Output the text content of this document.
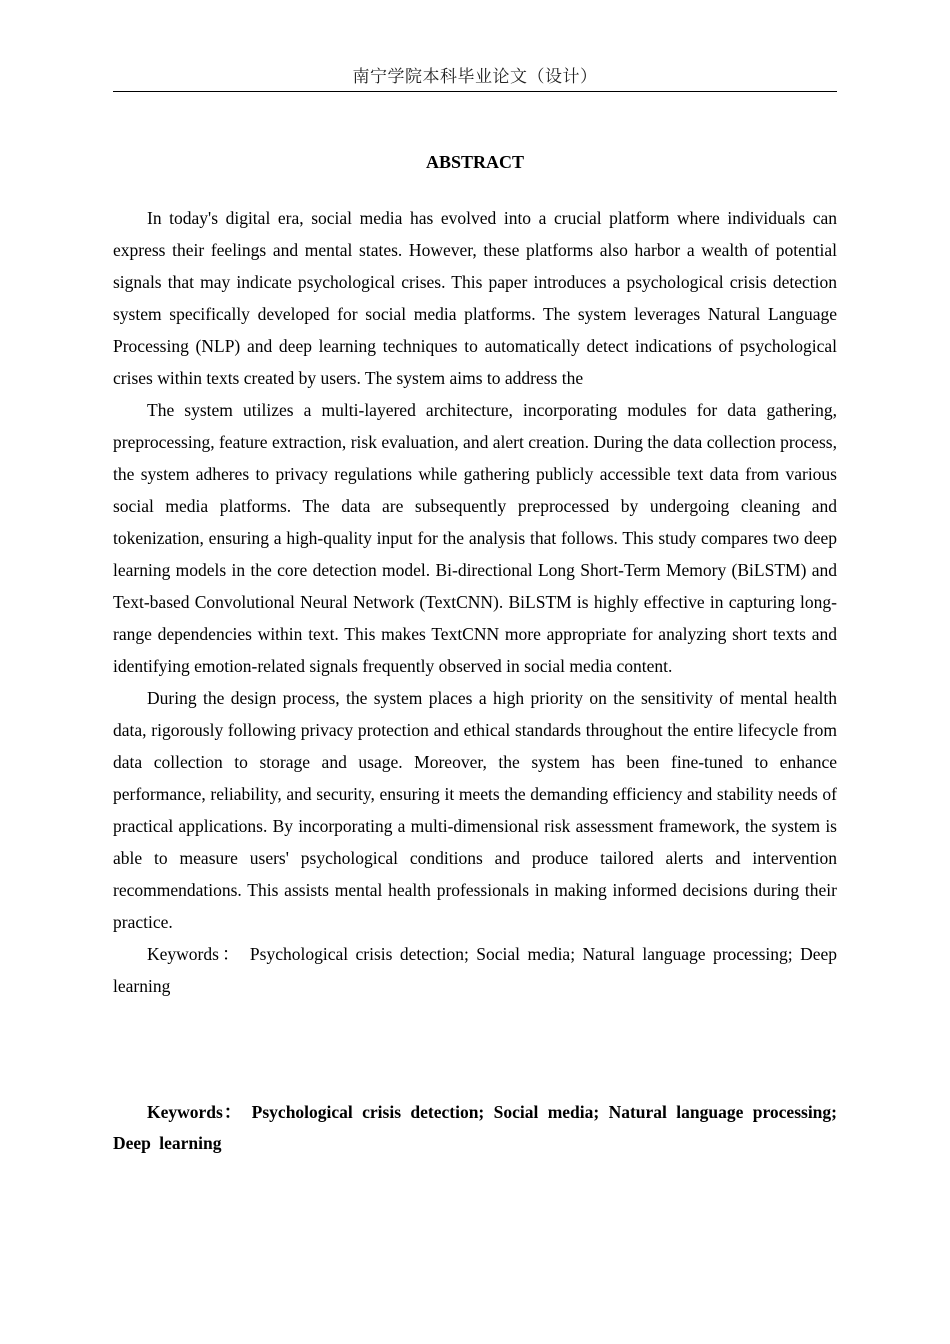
南宁学院本科毕业论文（设计）
ABSTRACT

In today's digital era, social media has evolved into a crucial platform where individuals can express their feelings and mental states. However, these platforms also harbor a wealth of potential signals that may indicate psychological crises. This paper introduces a psychological crisis detection system specifically developed for social media platforms. The system leverages Natural Language Processing (NLP) and deep learning techniques to automatically detect indications of psychological crises within texts created by users. The system aims to address the

The system utilizes a multi-layered architecture, incorporating modules for data gathering, preprocessing, feature extraction, risk evaluation, and alert creation. During the data collection process, the system adheres to privacy regulations while gathering publicly accessible text data from various social media platforms. The data are subsequently preprocessed by undergoing cleaning and tokenization, ensuring a high-quality input for the analysis that follows. This study compares two deep learning models in the core detection model. Bi-directional Long Short-Term Memory (BiLSTM) and Text-based Convolutional Neural Network (TextCNN). BiLSTM is highly effective in capturing long-range dependencies within text. This makes TextCNN more appropriate for analyzing short texts and identifying emotion-related signals frequently observed in social media content.

During the design process, the system places a high priority on the sensitivity of mental health data, rigorously following privacy protection and ethical standards throughout the entire lifecycle from data collection to storage and usage. Moreover, the system has been fine-tuned to enhance performance, reliability, and security, ensuring it meets the demanding efficiency and stability needs of practical applications. By incorporating a multi-dimensional risk assessment framework, the system is able to measure users' psychological conditions and produce tailored alerts and intervention recommendations. This assists mental health professionals in making informed decisions during their practice.

Keywords： Psychological crisis detection; Social media; Natural language processing; Deep learning

Keywords： Psychological crisis detection; Social media; Natural language processing; Deep learning
